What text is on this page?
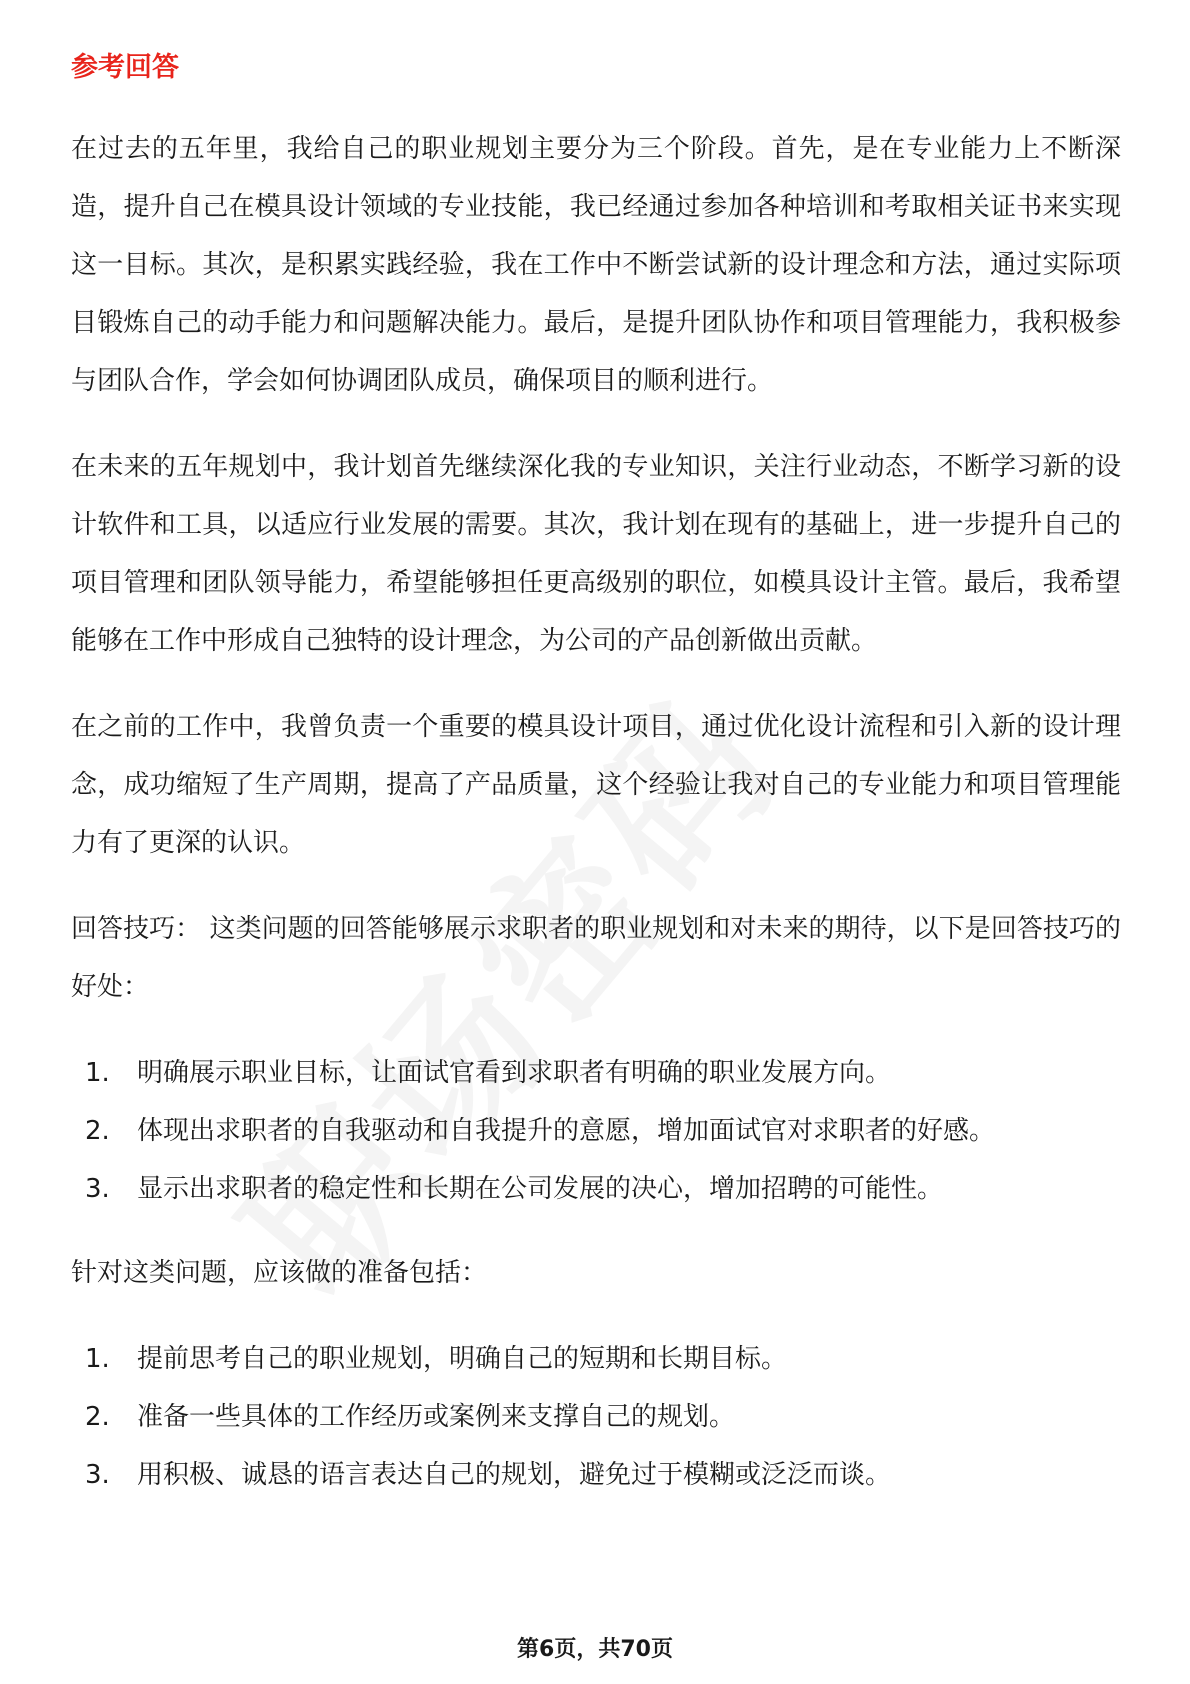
参考回答

在过去的五年里，我给自己的职业规划主要分为三个阶段。首先，是在专业能力上不断深造，提升自己在模具设计领域的专业技能，我已经通过参加各种培训和考取相关证书来实现这一目标。其次，是积累实践经验，我在工作中不断尝试新的设计理念和方法，通过实际项目锻炼自己的动手能力和问题解决能力。最后，是提升团队协作和项目管理能力，我积极参与团队合作，学会如何协调团队成员，确保项目的顺利进行。

在未来的五年规划中，我计划首先继续深化我的专业知识，关注行业动态，不断学习新的设计软件和工具，以适应行业发展的需要。其次，我计划在现有的基础上，进一步提升自己的项目管理和团队领导能力，希望能够担任更高级别的职位，如模具设计主管。最后，我希望能够在工作中形成自己独特的设计理念，为公司的产品创新做出贡献。

在之前的工作中，我曾负责一个重要的模具设计项目，通过优化设计流程和引入新的设计理念，成功缩短了生产周期，提高了产品质量，这个经验让我对自己的专业能力和项目管理能力有了更深的认识。

回答技巧： 这类问题的回答能够展示求职者的职业规划和对未来的期待，以下是回答技巧的好处：

1.	明确展示职业目标，让面试官看到求职者有明确的职业发展方向。
2.	体现出求职者的自我驱动和自我提升的意愿，增加面试官对求职者的好感。
3.	显示出求职者的稳定性和长期在公司发展的决心，增加招聘的可能性。

针对这类问题，应该做的准备包括：

1.	提前思考自己的职业规划，明确自己的短期和长期目标。
2.	准备一些具体的工作经历或案例来支撑自己的规划。
3.	用积极、诚恳的语言表达自己的规划，避免过于模糊或泛泛而谈。
第6页，共70页
